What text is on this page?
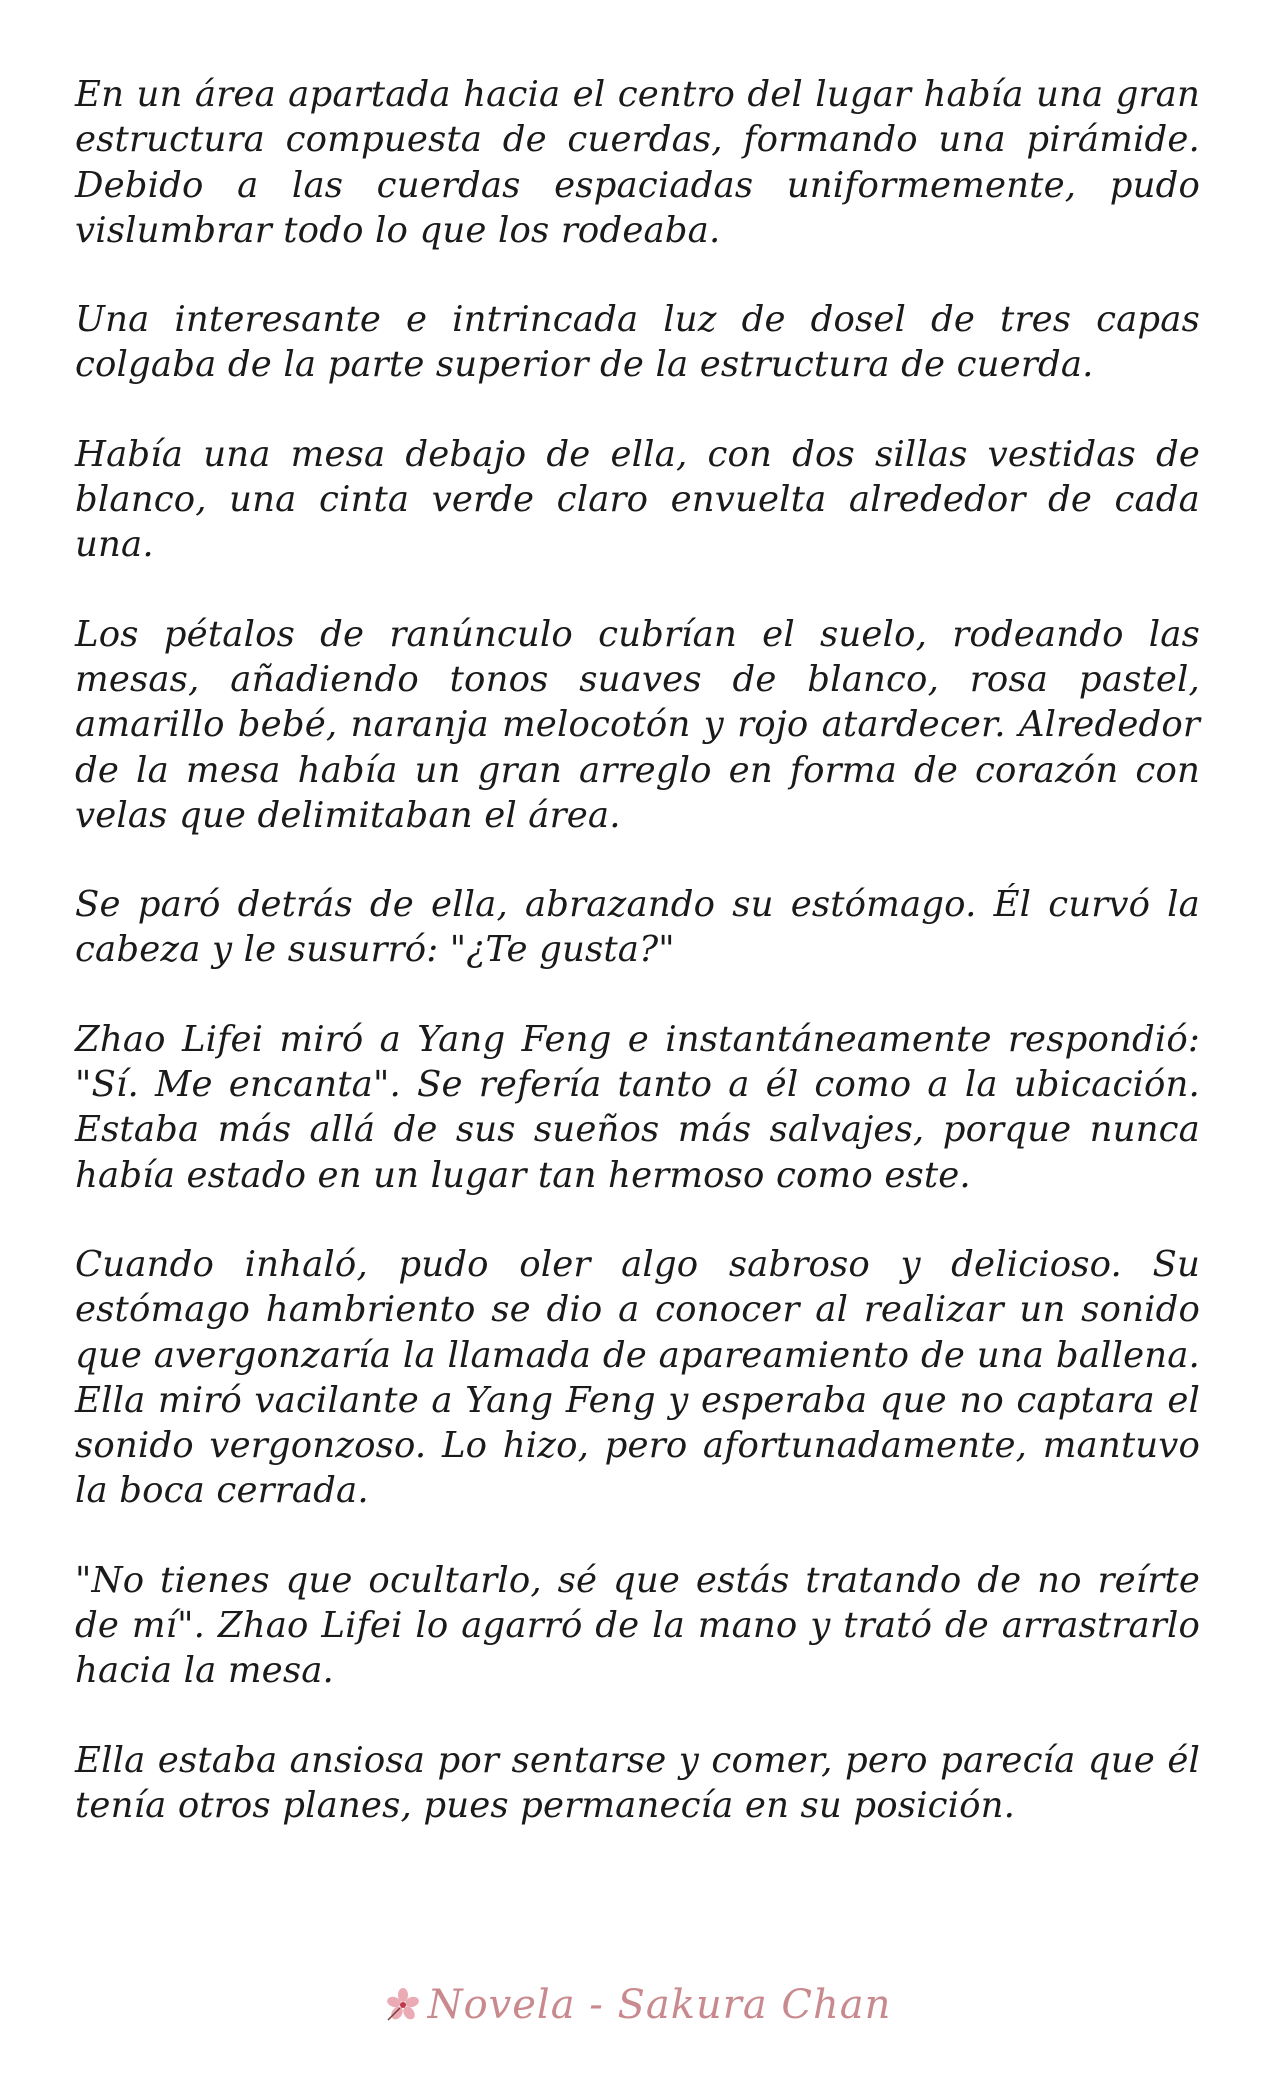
En un área apartada hacia el centro del lugar había una gran estructura compuesta de cuerdas, formando una pirámide. Debido a las cuerdas espaciadas uniformemente, pudo vislumbrar todo lo que los rodeaba.

Una interesante e intrincada luz de dosel de tres capas colgaba de la parte superior de la estructura de cuerda.

Había una mesa debajo de ella, con dos sillas vestidas de blanco, una cinta verde claro envuelta alrededor de cada una.

Los pétalos de ranúnculo cubrían el suelo, rodeando las mesas, añadiendo tonos suaves de blanco, rosa pastel, amarillo bebé, naranja melocotón y rojo atardecer. Alrededor de la mesa había un gran arreglo en forma de corazón con velas que delimitaban el área.

Se paró detrás de ella, abrazando su estómago. Él curvó la cabeza y le susurró: "¿Te gusta?"

Zhao Lifei miró a Yang Feng e instantáneamente respondió: "Sí. Me encanta". Se refería tanto a él como a la ubicación. Estaba más allá de sus sueños más salvajes, porque nunca había estado en un lugar tan hermoso como este.

Cuando inhaló, pudo oler algo sabroso y delicioso. Su estómago hambriento se dio a conocer al realizar un sonido que avergonzaría la llamada de apareamiento de una ballena. Ella miró vacilante a Yang Feng y esperaba que no captara el sonido vergonzoso. Lo hizo, pero afortunadamente, mantuvo la boca cerrada.

"No tienes que ocultarlo, sé que estás tratando de no reírte de mí". Zhao Lifei lo agarró de la mano y trató de arrastrarlo hacia la mesa.

Ella estaba ansiosa por sentarse y comer, pero parecía que él tenía otros planes, pues permanecía en su posición.

Novela - Sakura Chan
